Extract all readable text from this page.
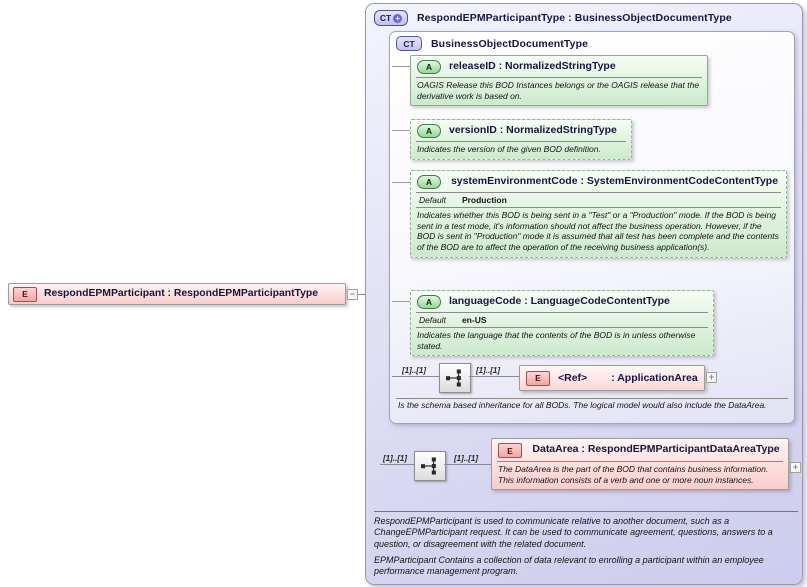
E	RespondEPMParticipant : RespondEPMParticipantType	−
CT + RespondEPMParticipantType : BusinessObjectDocumentType
CT	BusinessObjectDocumentType
A	releaseID : NormalizedStringType
OAGIS Release this BOD Instances belongs or the OAGIS release that the derivative work is based on.
A	versionID : NormalizedStringType
Indicates the version of the given BOD definition.
A	systemEnvironmentCode : SystemEnvironmentCodeContentType
Default Production
Indicates whether this BOD is being sent in a "Test" or a "Production" mode. If the BOD is being sent in a test mode, it's information should not affect the business operation. However, if the BOD is sent in "Production" mode it is assumed that all test has been complete and the contents of the BOD are to affect the operation of the receiving business application(s).
A	languageCode : LanguageCodeContentType
Default en-US
Indicates the language that the contents of the BOD is in unless otherwise stated.
[1]..[1]	[1]..[1]
E	<Ref> : ApplicationArea +
Is the schema based inheritance for all BODs. The logical model would also include the DataArea.
[1]..[1]	[1]..[1]
E	DataArea : RespondEPMParticipantDataAreaType
The DataArea is the part of the BOD that contains business information. This information consists of a verb and one or more noun instances.
+
RespondEPMParticipant is used to communicate relative to another document, such as a ChangeEPMParticipant request. It can be used to communicate agreement, questions, answers to a question, or disagreement with the related document.
EPMParticipant Contains a collection of data relevant to enrolling a participant within an employee performance management program.
